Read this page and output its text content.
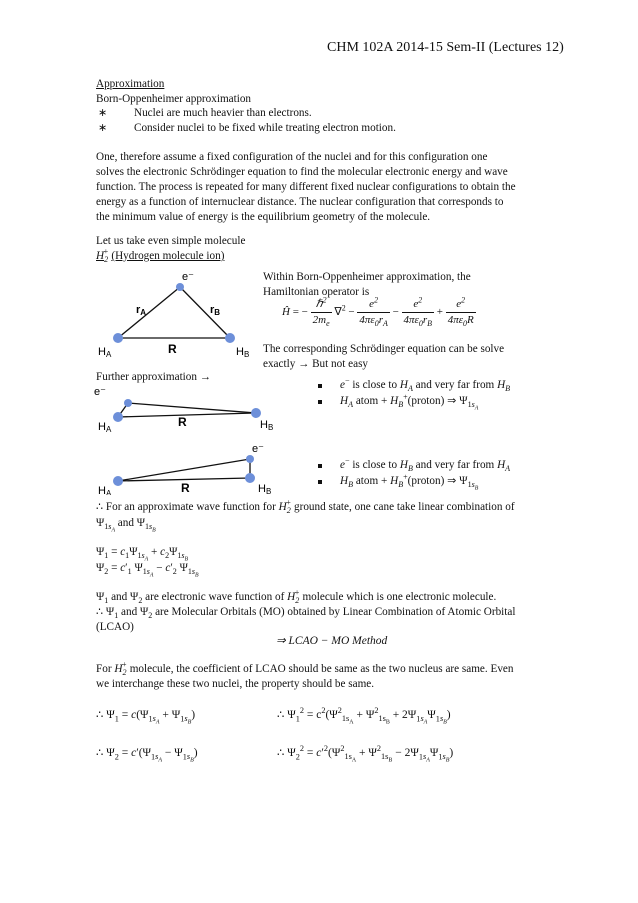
CHM 102A 2014-15 Sem-II (Lectures 12)
Approximation
Born-Oppenheimer approximation
∗ Nuclei are much heavier than electrons.
∗ Consider nuclei to be fixed while treating electron motion.
One, therefore assume a fixed configuration of the nuclei and for this configuration one
solves the electronic Schrödinger equation to find the molecular electronic energy and wave
function. The process is repeated for many different fixed nuclear configurations to obtain the
energy as a function of internuclear distance. The nuclear configuration that corresponds to
the minimum value of energy is the equilibrium geometry of the molecule.
Let us take even simple molecule
$H_2^+$ (Hydrogen molecule ion)
e⁻
rA	rB
R
HA	HB
Within Born-Oppenheimer approximation, the
Hamiltonian operator is
Ĥ = − $\frac{\hbar^2}{2m_e} \nabla^2 - \frac{e^2}{4\pi\varepsilon_0r_A} - \frac{e^2}{4\pi\varepsilon_0r_B} + \frac{e^2}{4\pi\varepsilon_0R}$
The corresponding Schrödinger equation can be solve
exactly → But not easy
Further approximation →
e⁻
HA
R	HB
e− is close to $H_A$ and very far from $H_B$
$H_A$ atom + $H_B^+(proton)$ ⇒ $\Psi_{1s_A}$
e⁻
HA	R	HB
e− is close to $H_B$ and very far from $H_A$
$H_B$ atom + $H_B^+(proton)$ ⇒ $\Psi_{1s_B}$
∴ For an approximate wave function for $H_2^+$ ground state, one cane take linear combination of
$\Psi_{1s_A}$ and $\Psi_{1s_B}$
$\Psi_1 = c_1\Psi_{1s_A} + c_2\Psi_{1s_B}$
$\Psi_2 = c'_1$ $\Psi_{1s_A} - c'_2$ $\Psi_{1s_B}$
$\Psi_1$ and $\Psi_2$ are electronic wave function of $H_2^+$ molecule which is one electronic molecule.
∴ $\Psi_1$ and $\Psi_2$ are Molecular Orbitals (MO) obtained by Linear Combination of Atomic Orbital
(LCAO)
⇒ LCAO − MO Method
For $H_2^+$ molecule, the coefficient of LCAO should be same as the two nucleus are same. Even
we interchange these two nuclei, the property should be same.
∴ $\Psi_1 = c(\Psi_{1s_A} + \Psi_{1s_B})$	∴ $\Psi_1^2 = c^2(\Psi^2_{1s_A} + \Psi^2_{1s_B} + 2\Psi_{1s_A}\Psi_{1s_B})$
∴ $\Psi_2 = c'(\Psi_{1s_A} - \Psi_{1s_B})$	∴ $\Psi_2^2 = c'^2(\Psi^2_{1s_A} + \Psi^2_{1s_B} - 2\Psi_{1s_A}\Psi_{1s_B})$
